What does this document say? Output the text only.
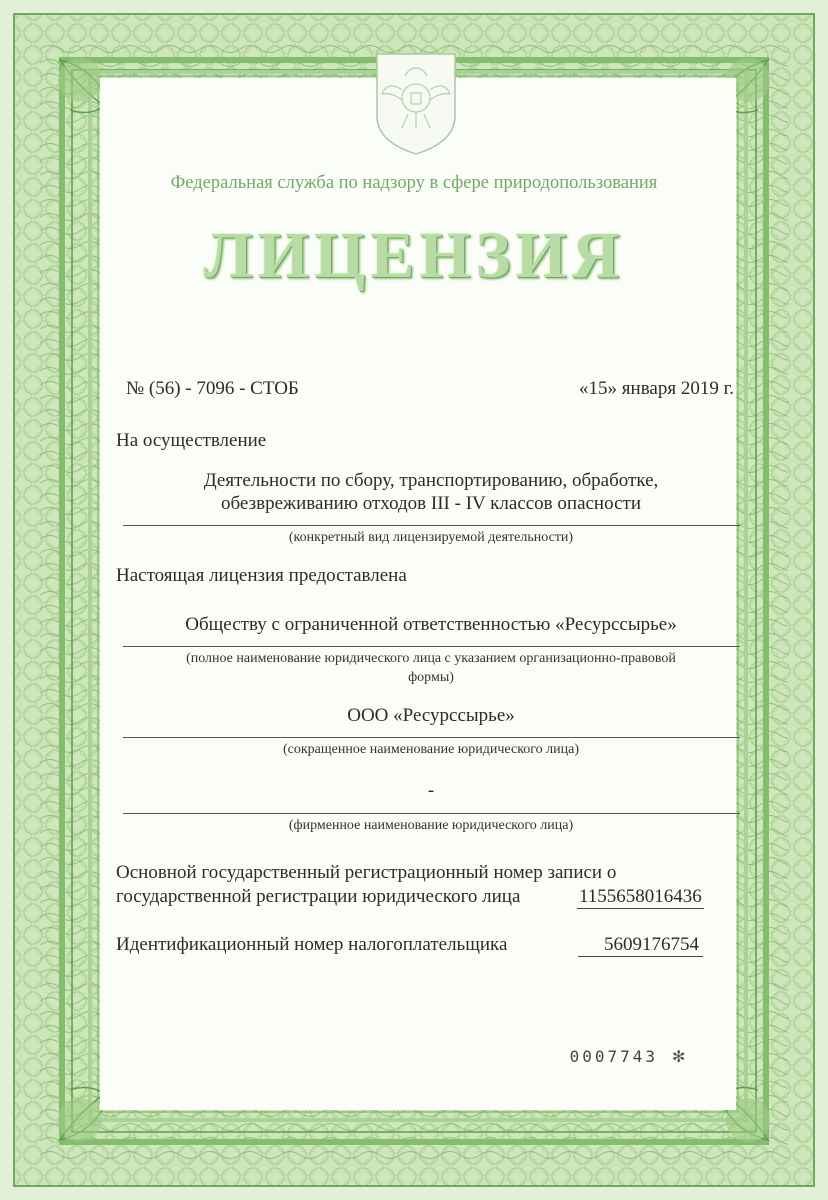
Федеральная служба по надзору в сфере природопользования
ЛИЦЕНЗИЯ
№ (56) - 7096 - СТОБ	«15» января 2019 г.
На осуществление
Деятельности по сбору, транспортированию, обработке,
обезвреживанию отходов III - IV классов опасности
(конкретный вид лицензируемой деятельности)
Настоящая лицензия предоставлена
Обществу с ограниченной ответственностью «Ресурссырье»
(полное наименование юридического лица с указанием организационно-правовой
формы)
ООО «Ресурссырье»
(сокращенное наименование юридического лица)
-
(фирменное наименование юридического лица)
Основной государственный регистрационный номер записи о
государственной регистрации юридического лица	1155658016436
Идентификационный номер налогоплательщика	5609176754
0007743 ✻
